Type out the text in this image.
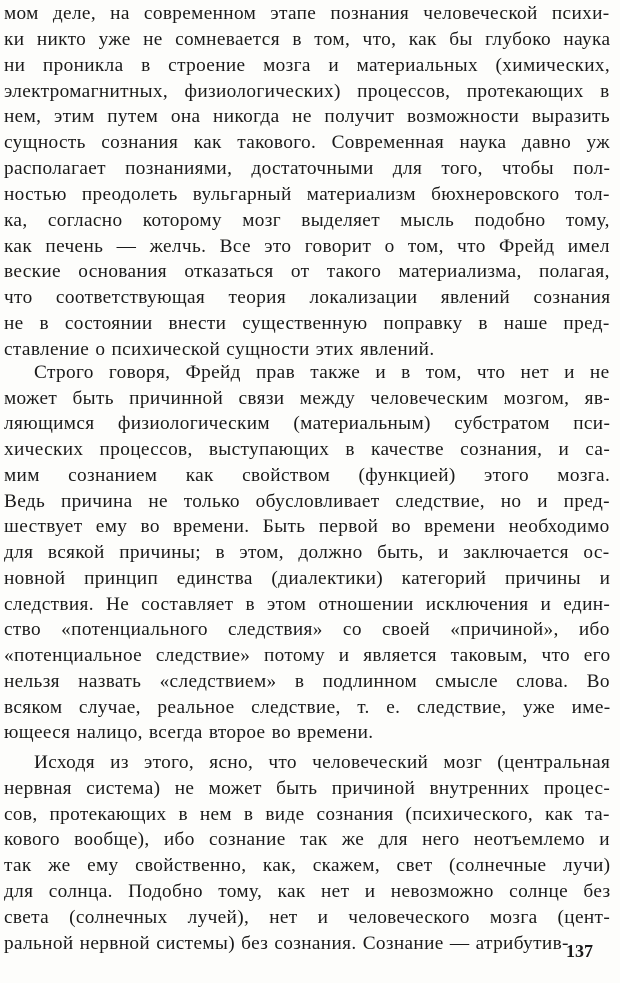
мом деле, на современном этапе познания человеческой психи-
ки никто уже не сомневается в том, что, как бы глубоко наука
ни проникла в строение мозга и материальных (химических,
электромагнитных, физиологических) процессов, протекающих в
нем, этим путем она никогда не получит возможности выразить
сущность сознания как такового. Современная наука давно уж
располагает познаниями, достаточными для того, чтобы пол-
ностью преодолеть вульгарный материализм бюхнеровского тол-
ка, согласно которому мозг выделяет мысль подобно тому,
как печень — желчь. Все это говорит о том, что Фрейд имел
веские основания отказаться от такого материализма, полагая,
что соответствующая теория локализации явлений сознания
не в состоянии внести существенную поправку в наше пред-
ставление о психической сущности этих явлений.
Строго говоря, Фрейд прав также и в том, что нет и не
может быть причинной связи между человеческим мозгом, яв-
ляющимся физиологическим (материальным) субстратом пси-
хических процессов, выступающих в качестве сознания, и са-
мим сознанием как свойством (функцией) этого мозга.
Ведь причина не только обусловливает следствие, но и пред-
шествует ему во времени. Быть первой во времени необходимо
для всякой причины; в этом, должно быть, и заключается ос-
новной принцип единства (диалектики) категорий причины и
следствия. Не составляет в этом отношении исключения и един-
ство «потенциального следствия» со своей «причиной», ибо
«потенциальное следствие» потому и является таковым, что его
нельзя назвать «следствием» в подлинном смысле слова. Во
всяком случае, реальное следствие, т. е. следствие, уже име-
ющееся налицо, всегда второе во времени.
Исходя из этого, ясно, что человеческий мозг (центральная
нервная система) не может быть причиной внутренних процес-
сов, протекающих в нем в виде сознания (психического, как та-
кового вообще), ибо сознание так же для него неотъемлемо и
так же ему свойственно, как, скажем, свет (солнечные лучи)
для солнца. Подобно тому, как нет и невозможно солнце без
света (солнечных лучей), нет и человеческого мозга (цент-
ральной нервной системы) без сознания. Сознание — атрибутив-
137
